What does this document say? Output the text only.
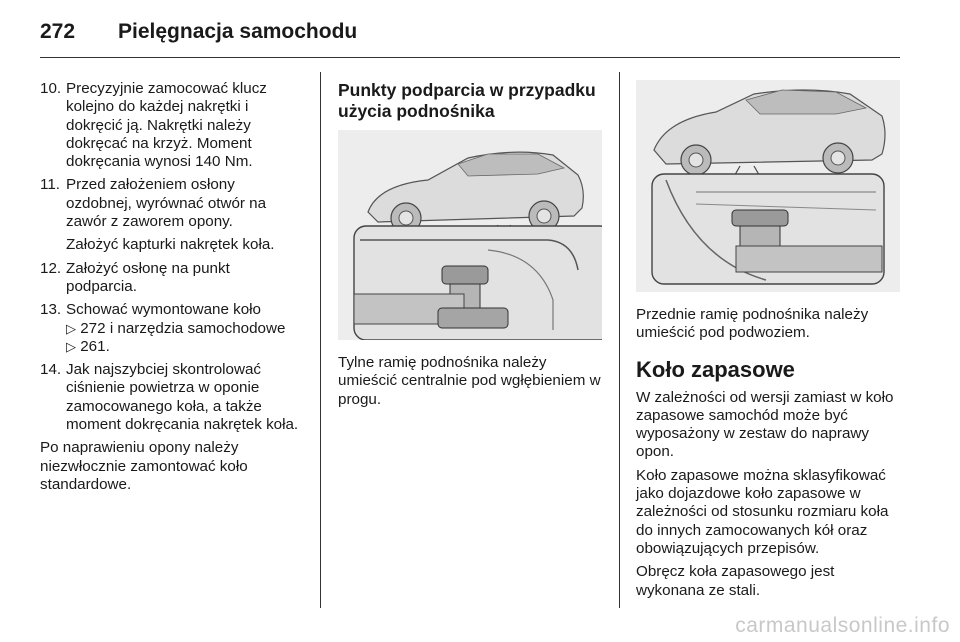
272 Pielęgnacja samochodu
10. Precyzyjnie zamocować klucz kolejno do każdej nakrętki i dokręcić ją. Nakrętki należy dokręcać na krzyż. Moment dokręcania wynosi 140 Nm.
11. Przed założeniem osłony ozdobnej, wyrównać otwór na zawór z zaworem opony.
Założyć kapturki nakrętek koła.
12. Założyć osłonę na punkt podparcia.
13. Schować wymontowane koło
▷ 272 i narzędzia samochodowe
▷ 261.
14. Jak najszybciej skontrolować ciśnienie powietrza w oponie zamocowanego koła, a także moment dokręcania nakrętek koła.

Po naprawieniu opony należy niezwłocznie zamontować koło standardowe.

Punkty podparcia w przypadku użycia podnośnika

Tylne ramię podnośnika należy umieścić centralnie pod wgłębieniem w progu.

Przednie ramię podnośnika należy umieścić pod podwoziem.

Koło zapasowe

W zależności od wersji zamiast w koło zapasowe samochód może być wyposażony w zestaw do naprawy opon.

Koło zapasowe można sklasyfikować jako dojazdowe koło zapasowe w zależności od stosunku rozmiaru koła do innych zamocowanych kół oraz obowiązujących przepisów.

Obręcz koła zapasowego jest wykonana ze stali.

carmanualsonline.info
